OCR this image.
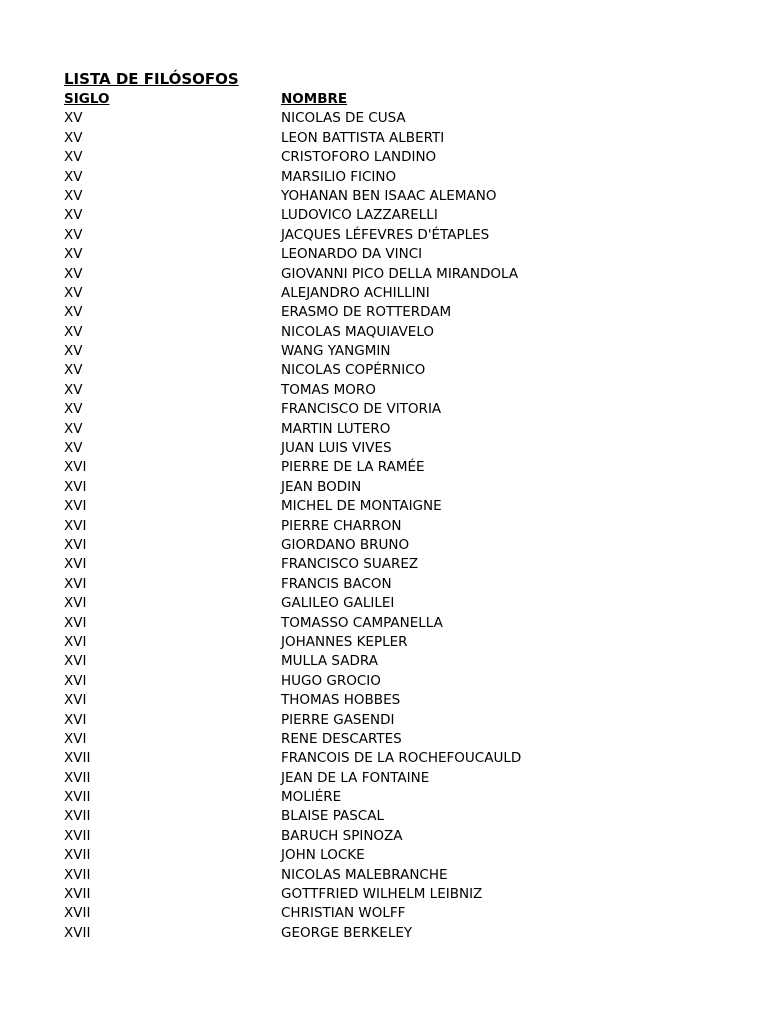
LISTA DE FILÓSOFOS
SIGLO	NOMBRE
XV	NICOLAS DE CUSA
XV	LEON BATTISTA ALBERTI
XV	CRISTOFORO LANDINO
XV	MARSILIO FICINO
XV	YOHANAN BEN ISAAC ALEMANO
XV	LUDOVICO LAZZARELLI
XV	JACQUES LÉFEVRES D'ÉTAPLES
XV	LEONARDO DA VINCI
XV	GIOVANNI PICO DELLA MIRANDOLA
XV	ALEJANDRO ACHILLINI
XV	ERASMO DE ROTTERDAM
XV	NICOLAS MAQUIAVELO
XV	WANG YANGMIN
XV	NICOLAS COPÉRNICO
XV	TOMAS MORO
XV	FRANCISCO DE VITORIA
XV	MARTIN LUTERO
XV	JUAN LUIS VIVES
XVI	PIERRE DE LA RAMÉE
XVI	JEAN BODIN
XVI	MICHEL DE MONTAIGNE
XVI	PIERRE CHARRON
XVI	GIORDANO BRUNO
XVI	FRANCISCO SUAREZ
XVI	FRANCIS BACON
XVI	GALILEO GALILEI
XVI	TOMASSO CAMPANELLA
XVI	JOHANNES KEPLER
XVI	MULLA SADRA
XVI	HUGO GROCIO
XVI	THOMAS HOBBES
XVI	PIERRE GASENDI
XVI	RENE DESCARTES
XVII	FRANCOIS DE LA ROCHEFOUCAULD
XVII	JEAN DE LA FONTAINE
XVII	MOLIÉRE
XVII	BLAISE PASCAL
XVII	BARUCH SPINOZA
XVII	JOHN LOCKE
XVII	NICOLAS MALEBRANCHE
XVII	GOTTFRIED WILHELM LEIBNIZ
XVII	CHRISTIAN WOLFF
XVII	GEORGE BERKELEY
